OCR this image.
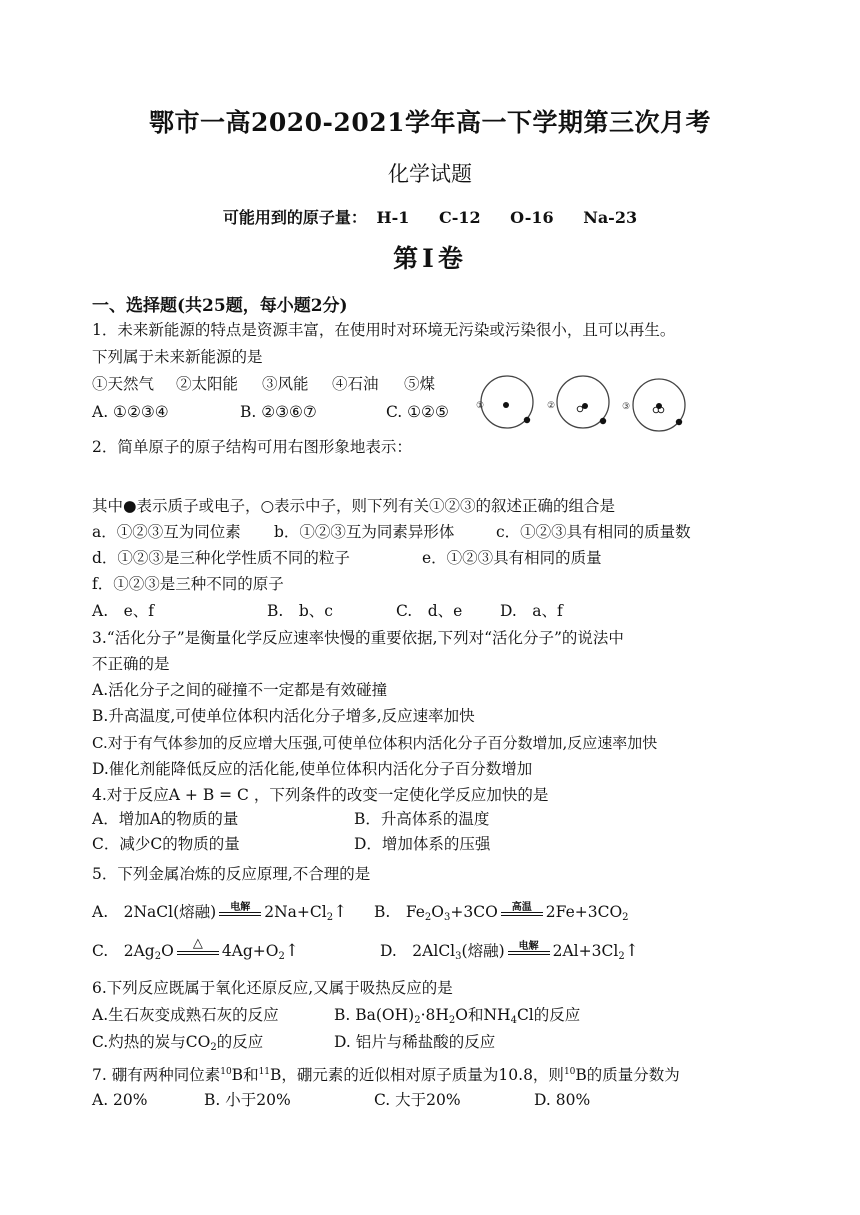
鄂市一高2020-2021学年高一下学期第三次月考
化学试题
可能用到的原子量： H-1 C-12 O-16 Na-23
第Ⅰ卷
一、选择题(共25题，每小题2分)
1．未来新能源的特点是资源丰富，在使用时对环境无污染或污染很小，且可以再生。
下列属于未来新能源的是
①天然气 ②太阳能 ③风能 ④石油 ⑤煤
A. ①②③④	B. ②③⑥⑦	C. ①②⑤	①	②	③
2．简单原子的原子结构可用右图形象地表示：
其中●表示质子或电子，○表示中子，则下列有关①②③的叙述正确的组合是
a．①②③互为同位素 b．①②③互为同素异形体	c．①②③具有相同的质量数
d．①②③是三种化学性质不同的粒子	e．①②③具有相同的质量
f．①②③是三种不同的原子
A.　e、f	B.　b、c	C.　d、e D.　a、f
3.“活化分子”是衡量化学反应速率快慢的重要依据,下列对“活化分子”的说法中
不正确的是
A.活化分子之间的碰撞不一定都是有效碰撞
B.升高温度,可使单位体积内活化分子增多,反应速率加快
C.对于有气体参加的反应增大压强,可使单位体积内活化分子百分数增加,反应速率加快
D.催化剂能降低反应的活化能,使单位体积内活化分子百分数增加
4.对于反应A + B = C ，下列条件的改变一定使化学反应加快的是
A．增加A的物质的量	B．升高体系的温度
C．减少C的物质的量	D．增加体系的压强
5．下列金属冶炼的反应原理,不合理的是
A.　2NaCl(熔融)	电解 $2Na+Cl_2↑$ B.　$Fe_2O_3+3CO$	高温 $2Fe+3CO_2$
C.　$2Ag_2O$	△	$4Ag+O_2↑$	D.　2AlCl$_3$(熔融)	电解 $2Al+3Cl_2↑$
6.下列反应既属于氧化还原反应,又属于吸热反应的是
A.生石灰变成熟石灰的反应	B. $Ba(OH)_2\cdot 8H_2O$和$NH_4Cl$的反应
C.灼热的炭与$CO_2$的反应	D. 铝片与稀盐酸的反应
7. 硼有两种同位素$^{10}$B和$^{11}$B，硼元素的近似相对原子质量为10.8，则$^{10}$B的质量分数为
A. 20%	B. 小于20%	C. 大于20%	D. 80%
